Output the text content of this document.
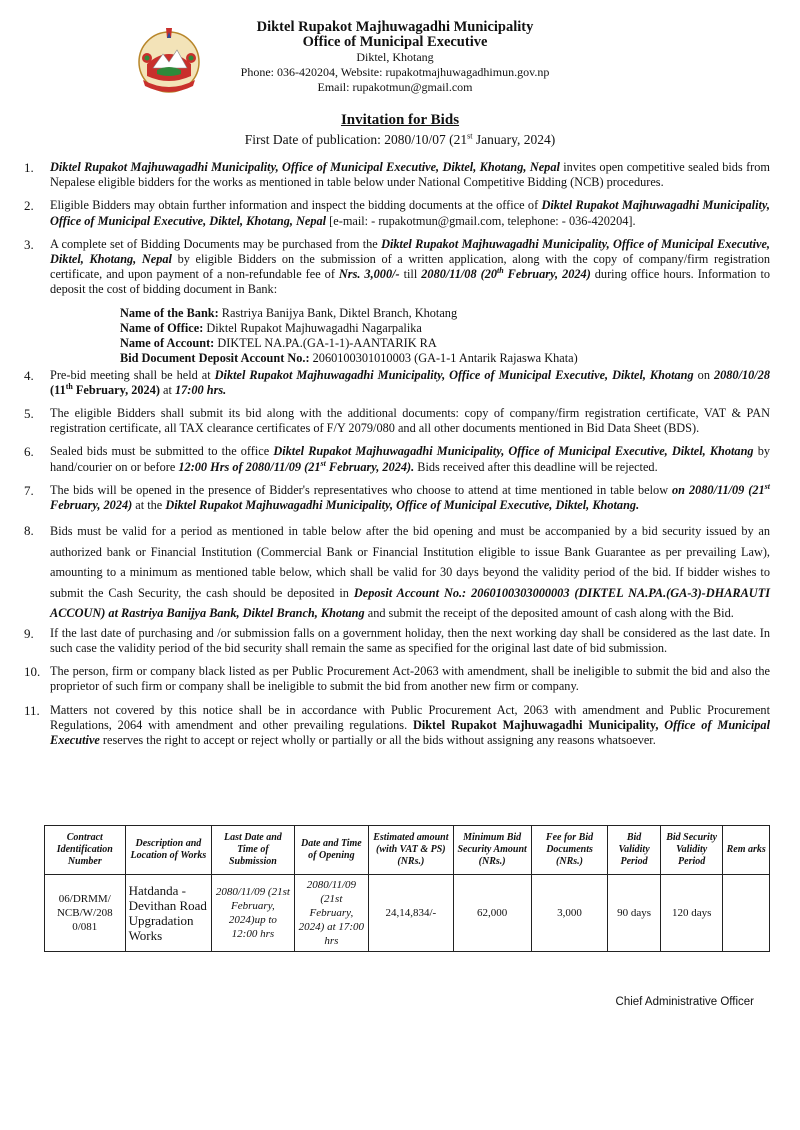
Diktel Rupakot Majhuwagadhi Municipality
Office of Municipal Executive
Diktel, Khotang
Phone: 036-420204, Website: rupakotmajhuwagadhimun.gov.np
Email: rupakotmun@gmail.com
Invitation for Bids
First Date of publication: 2080/10/07 (21st January, 2024)
1. Diktel Rupakot Majhuwagadhi Municipality, Office of Municipal Executive, Diktel, Khotang, Nepal invites open competitive sealed bids from Nepalese eligible bidders for the works as mentioned in table below under National Competitive Bidding (NCB) procedures.
2. Eligible Bidders may obtain further information and inspect the bidding documents at the office of Diktel Rupakot Majhuwagadhi Municipality, Office of Municipal Executive, Diktel, Khotang, Nepal [e-mail: - rupakotmun@gmail.com, telephone: - 036-420204].
3. A complete set of Bidding Documents may be purchased from the Diktel Rupakot Majhuwagadhi Municipality, Office of Municipal Executive, Diktel, Khotang, Nepal by eligible Bidders on the submission of a written application, along with the copy of company/firm registration certificate, and upon payment of a non-refundable fee of Nrs. 3,000/- till 2080/11/08 (20th February, 2024) during office hours. Information to deposit the cost of bidding document in Bank:
Name of the Bank: Rastriya Banijya Bank, Diktel Branch, Khotang
Name of Office: Diktel Rupakot Majhuwagadhi Nagarpalika
Name of Account: DIKTEL NA.PA.(GA-1-1)-AANTARIK RA
Bid Document Deposit Account No.: 2060100301010003 (GA-1-1 Antarik Rajaswa Khata)
4. Pre-bid meeting shall be held at Diktel Rupakot Majhuwagadhi Municipality, Office of Municipal Executive, Diktel, Khotang on 2080/10/28 (11th February, 2024) at 17:00 hrs.
5. The eligible Bidders shall submit its bid along with the additional documents: copy of company/firm registration certificate, VAT & PAN registration certificate, all TAX clearance certificates of F/Y 2079/080 and all other documents mentioned in Bid Data Sheet (BDS).
6. Sealed bids must be submitted to the office Diktel Rupakot Majhuwagadhi Municipality, Office of Municipal Executive, Diktel, Khotang by hand/courier on or before 12:00 Hrs of 2080/11/09 (21st February, 2024). Bids received after this deadline will be rejected.
7. The bids will be opened in the presence of Bidder's representatives who choose to attend at time mentioned in table below on 2080/11/09 (21st February, 2024) at the Diktel Rupakot Majhuwagadhi Municipality, Office of Municipal Executive, Diktel, Khotang.
8. Bids must be valid for a period as mentioned in table below after the bid opening and must be accompanied by a bid security issued by an authorized bank or Financial Institution (Commercial Bank or Financial Institution eligible to issue Bank Guarantee as per prevailing Law), amounting to a minimum as mentioned table below, which shall be valid for 30 days beyond the validity period of the bid. If bidder wishes to submit the Cash Security, the cash should be deposited in Deposit Account No.: 2060100303000003 (DIKTEL NA.PA.(GA-3)-DHARAUTI ACCOUN) at Rastriya Banijya Bank, Diktel Branch, Khotang and submit the receipt of the deposited amount of cash along with the Bid.
9. If the last date of purchasing and /or submission falls on a government holiday, then the next working day shall be considered as the last date. In such case the validity period of the bid security shall remain the same as specified for the original last date of bid submission.
10. The person, firm or company black listed as per Public Procurement Act-2063 with amendment, shall be ineligible to submit the bid and also the proprietor of such firm or company shall be ineligible to submit the bid from another new firm or company.
11. Matters not covered by this notice shall be in accordance with Public Procurement Act, 2063 with amendment and Public Procurement Regulations, 2064 with amendment and other prevailing regulations. Diktel Rupakot Majhuwagadhi Municipality, Office of Municipal Executive reserves the right to accept or reject wholly or partially or all the bids without assigning any reasons whatsoever.
Contract Identification Number	Description and Location of Works	Last Date and Time of Submission	Date and Time of Opening	Estimated amount (with VAT & PS) (NRs.)	Minimum Bid Security Amount (NRs.)	Fee for Bid Documents (NRs.)	Bid Validity Period	Bid Security Validity Period	Rem arks
06/DRMM/ NCB/W/208 0/081	Hatdanda - Devithan Road Upgradation Works	2080/11/09 (21st February, 2024)up to 12:00 hrs	2080/11/09 (21st February, 2024) at 17:00 hrs	24,14,834/-	62,000	3,000	90 days	120 days	
Chief Administrative Officer
